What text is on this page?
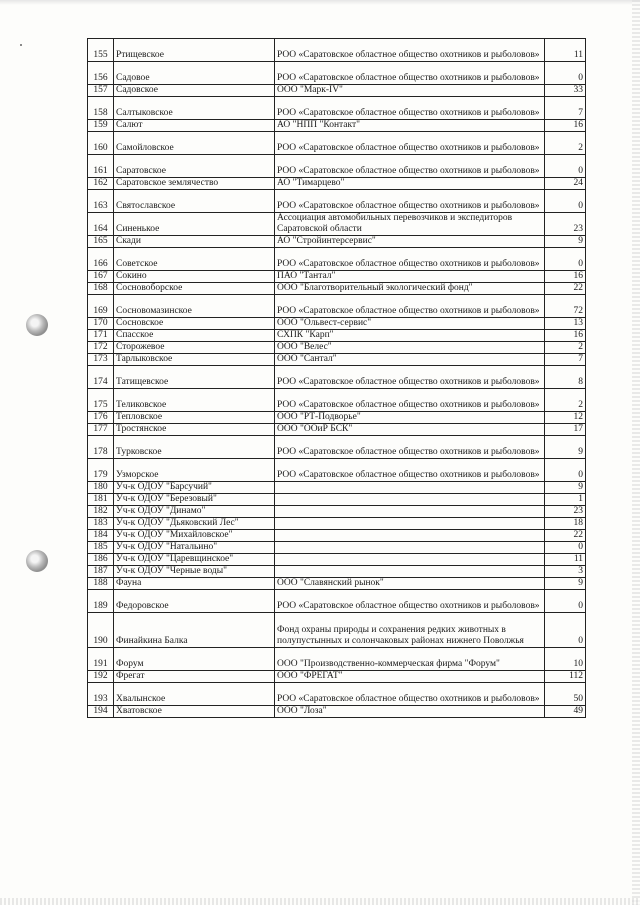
155	Ртищевское	РОО «Саратовское областное общество охотников и рыболовов»	11

156	Садовое	РОО «Саратовское областное общество охотников и рыболовов»	0

157	Садовское	ООО "Марк-IV"	33

158	Салтыковское	РОО «Саратовское областное общество охотников и рыболовов»	7

159	Салют	АО "НПП "Контакт"	16

160	Самойловское	РОО «Саратовское областное общество охотников и рыболовов»	2

161	Саратовское	РОО «Саратовское областное общество охотников и рыболовов»	0

162	Саратовское землячество	АО "Тимарцево"	24

163	Святославское	РОО «Саратовское областное общество охотников и рыболовов»	0

164	Синенькое	Ассоциация автомобильных перевозчиков и экспедиторов Саратовской области	23

165	Скади	АО "Стройинтерсервис"	9

166	Советское	РОО «Саратовское областное общество охотников и рыболовов»	0

167	Сокино	ПАО "Тантал"	16

168	Сосновоборское	ООО "Благотворительный экологический фонд"	22

169	Сосновомазинское	РОО «Саратовское областное общество охотников и рыболовов»	72

170	Сосновское	ООО "Ольвест-сервис"	13

171	Спасское	СХПК "Карп"	16

172	Сторожевое	ООО "Велес"	2

173	Тарлыковское	ООО "Сантал"	7

174	Татищевское	РОО «Саратовское областное общество охотников и рыболовов»	8

175	Теликовское	РОО «Саратовское областное общество охотников и рыболовов»	2

176	Тепловское	ООО "РТ-Подворье"	12

177	Тростянское	ООО "ООиР БСК"	17

178	Турковское	РОО «Саратовское областное общество охотников и рыболовов»	9

179	Узморское	РОО «Саратовское областное общество охотников и рыболовов»	0

180	Уч-к ОДОУ "Барсучий"		9

181	Уч-к ОДОУ "Березовый"		1

182	Уч-к ОДОУ "Динамо"		23

183	Уч-к ОДОУ "Дьяковский Лес"		18

184	Уч-к ОДОУ "Михайловское"		22

185	Уч-к ОДОУ "Натальино"		0

186	Уч-к ОДОУ "Царевщинское"		11

187	Уч-к ОДОУ "Черные воды"		3

188	Фауна	ООО "Славянский рынок"	9

189	Федоровское	РОО «Саратовское областное общество охотников и рыболовов»	0

190	Финайкина Балка	Фонд охраны природы и сохранения редких животных в полупустынных и солончаковых районах нижнего Поволжья	0

191	Форум	ООО "Производственно-коммерческая фирма "Форум"	10

192	Фрегат	ООО "ФРЕГАТ"	112

193	Хвалынское	РОО «Саратовское областное общество охотников и рыболовов»	50

194	Хватовское	ООО "Лоза"	49
